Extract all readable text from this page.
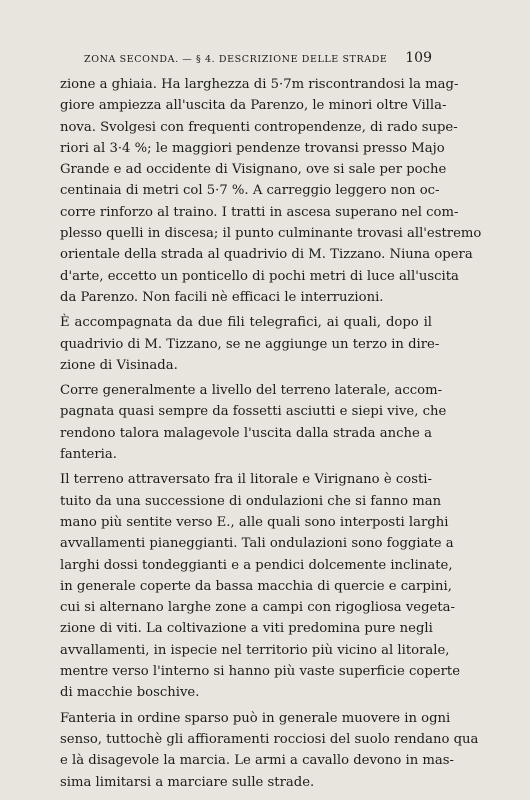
ZONA SECONDA. — § 4. DESCRIZIONE DELLE STRADE 109
zione a ghiaia. Ha larghezza di 5·7m riscontrandosi la mag-
giore ampiezza all'uscita da Parenzo, le minori oltre Villa-
nova. Svolgesi con frequenti contropendenze, di rado supe-
riori al 3·4 %; le maggiori pendenze trovansi presso Majo
Grande e ad occidente di Visignano, ove si sale per poche
centinaia di metri col 5·7 %. A carreggio leggero non oc-
corre rinforzo al traino. I tratti in ascesa superano nel com-
plesso quelli in discesa; il punto culminante trovasi all'estremo
orientale della strada al quadrivio di M. Tizzano. Niuna opera
d'arte, eccetto un ponticello di pochi metri di luce all'uscita
da Parenzo. Non facili nè efficaci le interruzioni.
È accompagnata da due fili telegrafici, ai quali, dopo il
quadrivio di M. Tizzano, se ne aggiunge un terzo in dire-
zione di Visinada.
Corre generalmente a livello del terreno laterale, accom-
pagnata quasi sempre da fossetti asciutti e siepi vive, che
rendono talora malagevole l'uscita dalla strada anche a
fanteria.
Il terreno attraversato fra il litorale e Virignano è costi-
tuito da una successione di ondulazioni che si fanno man
mano più sentite verso E., alle quali sono interposti larghi
avvallamenti pianeggianti. Tali ondulazioni sono foggiate a
larghi dossi tondeggianti e a pendici dolcemente inclinate,
in generale coperte da bassa macchia di quercie e carpini,
cui si alternano larghe zone a campi con rigogliosa vegeta-
zione di viti. La coltivazione a viti predomina pure negli
avvallamenti, in ispecie nel territorio più vicino al litorale,
mentre verso l'interno si hanno più vaste superficie coperte
di macchie boschive.
Fanteria in ordine sparso può in generale muovere in ogni
senso, tuttochè gli affioramenti rocciosi del suolo rendano qua
e là disagevole la marcia. Le armi a cavallo devono in mas-
sima limitarsi a marciare sulle strade.
